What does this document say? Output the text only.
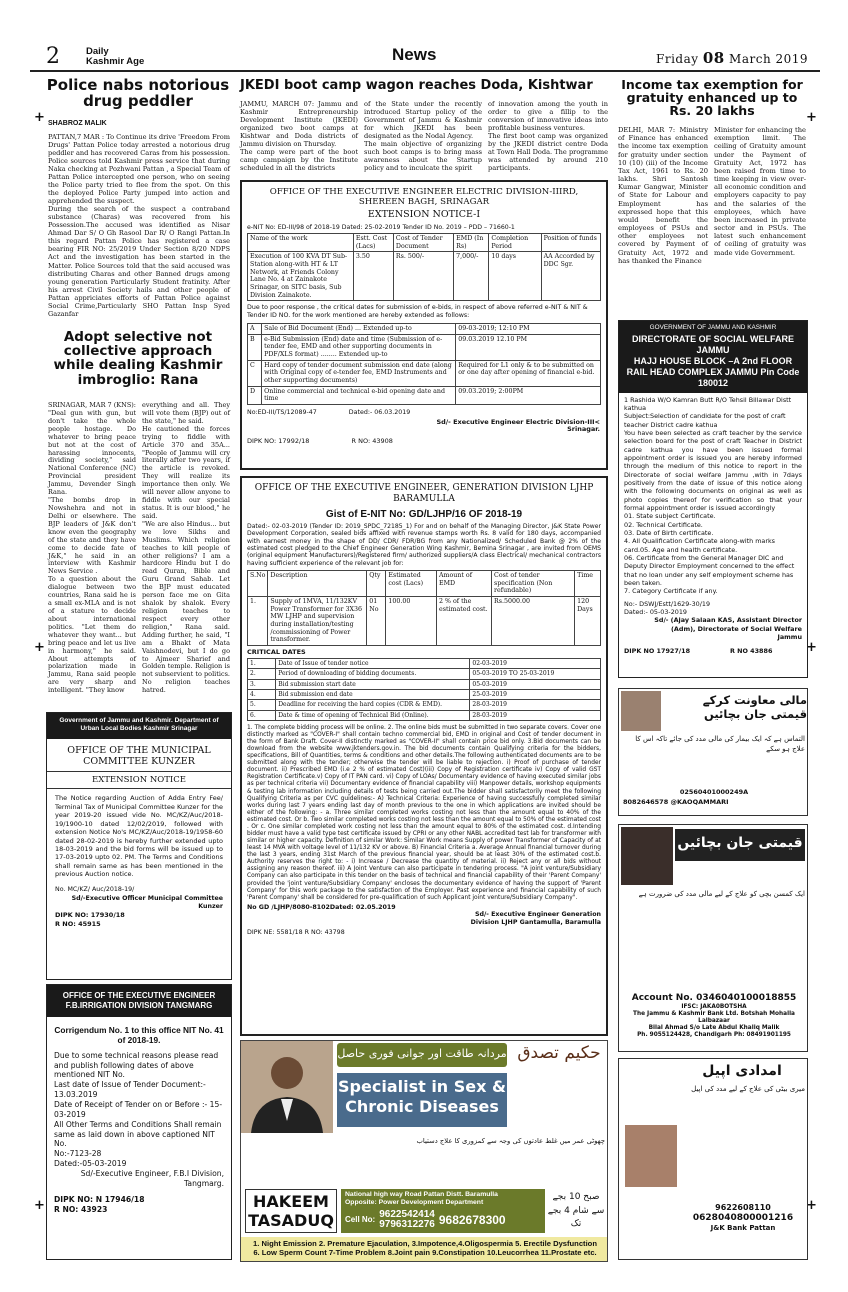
2	Daily
Kashmir Age	News	Friday 08 March 2019
+
+
+
+
+
+
Police nabs notorious drug peddler
SHABROZ MALIK

PATTAN,7 MAR : To Continue its drive 'Freedom From Drugs' Pattan Police today arrested a notorious drug peddler and has recovered Caras from his possession. Police sources told Kashmir press service that during Naka checking at Pozhwani Pattan , a Special Team of Pattan Police intercepted one person, who on seeing the Police party tried to flee from the spot. On this the deployed Police Party jumped into action and apprehended the suspect.

During the search of the suspect a contraband substance (Charas) was recovered from his Possession.The accused was identified as Nisar Ahmad Dar S/ O Gh Rasool Dar R/ O Rangi Pattan.In this regard Pattan Police has registered a case bearing FIR NO: 25/2019 Under Section 8/20 NDPS Act and the investigation has been started in the Matter. Police Sources told that the said accused was distributing Charas and other Banned drugs among young generation Particularly Student fratinity. After his arrest Civil Society hails and other people of Pattan appriciates efforts of Pattan Police against Social Crime,Particularly SHO Pattan Insp Syed Gazanfar

Adopt selective not collective approach while dealing Kashmir imbroglio: Rana

SRINAGAR, MAR 7 (KNS): "Deal gun with gun, but don't take the whole people hostage. Do whatever to bring peace but not at the cost of harassing innocents, dividing society," said National Conference (NC) Provincial president Jammu, Devender Singh Rana.

"The bombs drop in Nowshehra and not in Delhi or elsewhere. The BJP leaders of J&K don't know even the geography of the state and they have come to decide fate of J&K," he said in an interview with Kashmir News Service .

To a question about the dialogue between two countries, Rana said he is a small ex-MLA and is not of a stature to decide about international politics. "Let them do whatever they want... but bring peace and let us live in harmony," he said. About attempts of polarization made in Jammu, Rana said people are very sharp and intelligent. "They know

everything and all. They will vote them (BJP) out of the state," he said.

He cautioned the forces trying to fiddle with Article 370 and 35A... "People of Jammu will cry literally after two years, if the article is revoked. They will realize its importance then only. We will never allow anyone to fiddle with our special status. It is our blood," he said.

"We are also Hindus... but we love Sikhs and Muslims. Which religion teaches to kill people of other religions? I am a hardcore Hindu but I do read Quran, Bible and Guru Grand Sahab. Let the BJP must educated person face me on Gita shalok by shalok. Every religion teaches to respect every other religion," Rana said. Adding further, he said, "I am a Bhakt of Mata Vaishnodevi, but I do go to Ajmeer Sharief and Golden temple. Religion is not subservient to politics. No religion teaches hatred.

Government of Jammu and Kashmir. Department of Urban Local Bodies Kashmir Srinagar
OFFICE OF THE MUNICIPAL COMMITTEE KUNZER
EXTENSION NOTICE
The Notice regarding Auction of Adda Entry Fee/ Terminal Tax of Municipal Committee Kunzer for the year 2019-20 issued vide No. MC/KZ/Auc/2018-19/1900-10 dated 12/02/2019, followed with extension Notice No's MC/KZ/Auc/2018-19/1958-60 dated 28-02-2019 is hereby further extended upto 18-03-2019 and the bid forms will be issued up to 17-03-2019 upto 02. PM. The Terms and Conditions shall remain same as has been mentioned in the previous Auction notice.
No. MC/KZ/ Auc/2018-19/
Sd/-Executive Officer Municipal Committee Kunzer
DIPK NO: 17930/18
R NO: 45915
OFFICE OF THE EXECUTIVE ENGINEER F.B.IRRIGATION DIVISION TANGMARG
Corrigendum No. 1 to this office NIT No. 41 of 2018-19.

Due to some technical reasons please read and publish following dates of above mentioned NIT No.

Last date of Issue of Tender Document:- 13.03.2019

Date of Receipt of Tender on or Before :- 15-03-2019

All Other Terms and Conditions Shall remain same as laid down in above captioned NIT No.

No:-7123-28

Dated:-05-03-2019

Sd/-Executive Engineer, F.B.I Division, Tangmarg.

DIPK NO: N 17946/18

R NO: 43923

JKEDI boot camp wagon reaches Doda, Kishtwar

JAMMU, MARCH 07: Jammu and Kashmir Entrepreneurship Development Institute (JKEDI) organized two boot camps at Kishtwar and Doda districts of Jammu division on Thursday.

The camp were part of the boot camp campaign by the Institute scheduled in all the districts

of the State under the recently introduced Startup policy of the Government of Jammu & Kashmir for which JKEDI has been designated as the Nodal Agency.

The main objective of organizing such boot camps is to bring mass awareness about the Startup policy and to inculcate the spirit

of innovation among the youth in order to give a fillip to the conversion of innovative ideas into profitable business ventures.

The first boot camp was organized by the JKEDI district centre Doda at Town Hall Doda. The programme was attended by around 210 participants.

OFFICE OF THE EXECUTIVE ENGINEER ELECTRIC DIVISION-IIIRD, SHEREEN BAGH, SRINAGAR
EXTENSION NOTICE-I
e-NIT No: ED-III/98 of 2018-19 Dated: 25-02-2019 Tender ID No. 2019 – PDD – 71660-1
Name of the work	Estt. Cost (Lacs)	Cost of Tender Document	EMD (In Rs)	Completion Period	Position of funds
Execution of 100 KVA DT Sub-Station along-with HT & LT Network, at Friends Colony Lane No. 4 at Zainakote Srinagar, on SITC basis, Sub Division Zainakote.	3.50	Rs. 500/-	7,000/-	10 days	AA Accorded by DDC Sgr.
Due to poor response , the critical dates for submission of e-bids, in respect of above referred e-NIT & NIT & Tender ID NO. for the work mentioned are hereby extended as follows:
A	Sale of Bid Document (End) ... Extended up-to	09-03-2019; 12:10 PM
B	e-Bid Submission (End) date and time (Submission of e-tender fee, EMD and other supporting documents in PDF/XLS format) ........ Extended up-to	09.03.2019 12.10 PM
C	Hard copy of tender document submission end date (along with Original copy of e-tender fee, EMD Instruments and other supporting documents)	Required for L1 only & to be submitted on or one day after opening of financial e-bid.
D	Online commercial and technical e-bid opening date and time	09.03.2019; 2:00PM
No:ED-III/TS/12089-47	Dated:- 06.03.2019
Sd/- Executive Engineer Electric Division-III< Srinagar.
DIPK NO: 17992/18	R NO: 43908
OFFICE OF THE EXECUTIVE ENGINEER, GENERATION DIVISION LJHP BARAMULLA
Gist of E-NIT No: GD/LJHP/16 OF 2018-19
Dated:- 02-03-2019 (Tender ID: 2019_SPDC_72185_1) For and on behalf of the Managing Director, J&K State Power Development Corporation, sealed bids affixed with revenue stamps worth Rs. 8 valid for 180 days, accompanied with earnest money in the shape of DD/ CDR/ FDR/BG from any Nationalized/ Scheduled Bank @ 2% of the estimated cost pledged to the Chief Engineer Generation Wing Kashmir, Bemina Srinagar , are invited from OEMS (original equipment Manufacturers)/Registered firm/ authorized suppliers/A class Electrical/ mechanical contractors having sufficient experience of the relevant job for:
S.No	Description	Qty	Estimated cost (Lacs)	Amount of EMD	Cost of tender specification (Non refundable)	Time
1.	Supply of 1MVA, 11/132KV Power Transformer for 3X36 MW LJHP and supervision during installation/testing /commissioning of Power transformer.	01 No	100.00	2 % of the estimated cost.	Rs.5000.00	120 Days
CRITICAL DATES
1.	Date of Issue of tender notice	02-03-2019
2.	Period of downloading of bidding documents.	05-03-2019 TO 25-03-2019
3.	Bid submission start date	05-03-2019
4.	Bid submission end date	25-03-2019
5.	Deadline for receiving the hard copies (CDR & EMD).	28-03-2019
6.	Date & time of opening of Technical Bid (Online).	28-03-2019
1. The complete bidding process will be online. 2. The online bids must be submitted in two separate covers. Cover one distinctly marked as "COVER-I" shall contain techno commercial bid, EMD in original and Cost of tender document in the form of Bank Draft. Cover-II distinctly marked as "COVER-II" shall contain price bid only. 3.Bid documents can be download from the website www.jktenders.gov.in. The bid documents contain Qualifying criteria for the bidders, specifications, Bill of Quantities, terms & conditions and other details.The following authenticated documents are to be submitted along with the tender; otherwise the tender will be liable to rejection. i) Proof of purchase of tender document. ii) Prescribed EMD (i.e 2 % of estimated Cost)(iii) Copy of Registration certificate iv) Copy of valid GST Registration Certificate.v) Copy of IT PAN card. vi) Copy of LOAs/ Documentary evidence of having executed similar jobs as per technical criteria vii) Documentary evidence of financial capability viii) Manpower details, workshop equipments & testing lab information including details of tests being carried out.The bidder shall satisfactorily meet the following Qualifying Criteria as per CVC guidelines:- A) Technical Criteria: Experience of having successfully completed similar works during last 7 years ending last day of month previous to the one in which applications are invited should be either of the following: - a. Three similar completed works costing not less than the amount equal to 40% of the estimated cost. Or b. Two similar completed works costing not less than the amount equal to 50% of the estimated cost . Or c. One similar completed work costing not less than the amount equal to 80% of the estimated cost. d.Intending bidder must have a valid type test certificate issued by CPRI or any other NABL accredited test lab for transformer with similar or higher capacity. Definition of similar Work: Similar Work means Supply of power Transformer of Capacity of at least 14 MVA with voltage level of 11/132 KV or above. B) Financial Criteria a. Average Annual financial turnover during the last 3 years, ending 31st March of the previous financial year, should be at least 30% of the estimated cost.b. Authority reserves the right to: - i) Increase / Decrease the quantity of material. ii) Reject any or all bids without assigning any reason thereof. iii) A Joint Venture can also participate in tendering process. "A joint venture/Subsidiary Company can also participate in this tender on the basis of technical and financial capability of their 'Parent Company' provided the 'joint venture/Subsidiary Company' encloses the documentary evidence of having the support of 'Parent Company' for this work package to the satisfaction of the Employer. Past experience and financial capability of such 'Parent Company' shall be considered for pre-qualification of such Applicant joint venture/Subsidiary Company".
No GD /LJHP/8080-8102Dated: 02.05.2019
Sd/- Executive Engineer Generation Division LJHP Gantamulla, Baramulla
DIPK NE: 5581/18 R NO: 43798
مردانہ طاقت اور جوانی فوری حاصل حکیم تصدق
Specialist in Sex &
Chronic Diseases
چھوٹی عمر میں غلط عادتوں کی وجہ سے کمزوری کا علاج دستیاب
HAKEEM
TASADUQ
National high way Road Pattan Distt. Baramulla
Opposite: Power Development Department
Cell No:
9622542414
9796312276 9682678300
صبح 10 بجے سے شام 4 بجے تک
1. Night Emission 2. Premature Ejaculation, 3.Impotence,4.Oligospermia 5. Erectile Dysfunction
6. Low Sperm Count 7-Time Problem 8.Joint pain 9.Constipation 10.Leucorrhea 11.Prostate etc.
Income tax exemption for gratuity enhanced up to Rs. 20 lakhs
DELHI, MAR 7: Ministry of Finance has enhanced the income tax exemption for gratuity under section 10 (10) (iii) of the Income Tax Act, 1961 to Rs. 20 lakhs. Shri Santosh Kumar Gangwar, Minister of State for Labour and Employment has expressed hope that this would benefit the employees of PSUs and other employees not covered by Payment of Gratuity Act, 1972 and has thanked the Finance
Minister for enhancing the exemption limit. The ceiling of Gratuity amount under the Payment of Gratuity Act, 1972 has been raised from time to time keeping in view over-all economic condition and employers capacity to pay and the salaries of the employees, which have been increased in private sector and in PSUs. The latest such enhancement of ceiling of gratuity was made vide Government.
GOVERNMENT OF JAMMU AND KASHMIR
DIRECTORATE OF SOCIAL WELFARE JAMMU
HAJJ HOUSE BLOCK –A 2nd FLOOR RAIL HEAD COMPLEX JAMMU Pin Code 180012

1 Rashida W/O Kamran Butt R/O Tehsil Billawar Distt kathua

Subject:Selection of candidate for the post of craft teacher District cadre kathua

You have been selected as craft teacher by the service selection board for the post of craft Teacher in District cadre kathua you have been issued formal appointment order is issued you are hereby informed through the medium of this notice to report in the Directorate of social welfare Jammu ,with in 7days positively from the date of issue of this notice along with the following documents on original as well as photo copies thereof for verification so that your formal appointment order is issued accordingly

01. State subject Certificate.

02. Technical Certificate.

03. Date of Birth certificate.

4. All Qualification Certificate along-with marks card.05. Age and health certificate.

06. Certificate from the General Manager DIC and Deputy Director Employment concerned to the effect that no loan under any self employment scheme has been taken.

7. Category Certificate if any.

No:- DSWJ/Estt/1629-30/19

Dated:- 05-03-2019

Sd/- (Ajay Salaan KAS, Assistant Director (Adm), Directorate of Social Welfare Jammu

DIPK NO 17927/18	R NO 43886

مالی معاونت کرکے قیمتی جان بچائیں
التماس ہے کہ ایک بیمار کی مالی مدد کی جائے تاکہ اس کا علاج ہو سکے
02560401000249A
8082646578 @KAOQAMMARI
قیمتی جان بچائیں
ایک کمسن بچی کو علاج کے لیے مالی مدد کی ضرورت ہے
Account No. 0346040100018855
IFSC: JAKA0BOTSHA
The Jammu & Kashmir Bank Ltd. Botshah Mohalla Lalbazaar
Bilal Ahmad S/o Late Abdul Khaliq Malik
Ph. 9055124428, Chandigarh Ph: 08491901195
امدادی اپیل
میری بیٹی کی علاج کے لیے مدد کی اپیل
9622608110
0628040800001216
J&K Bank Pattan
